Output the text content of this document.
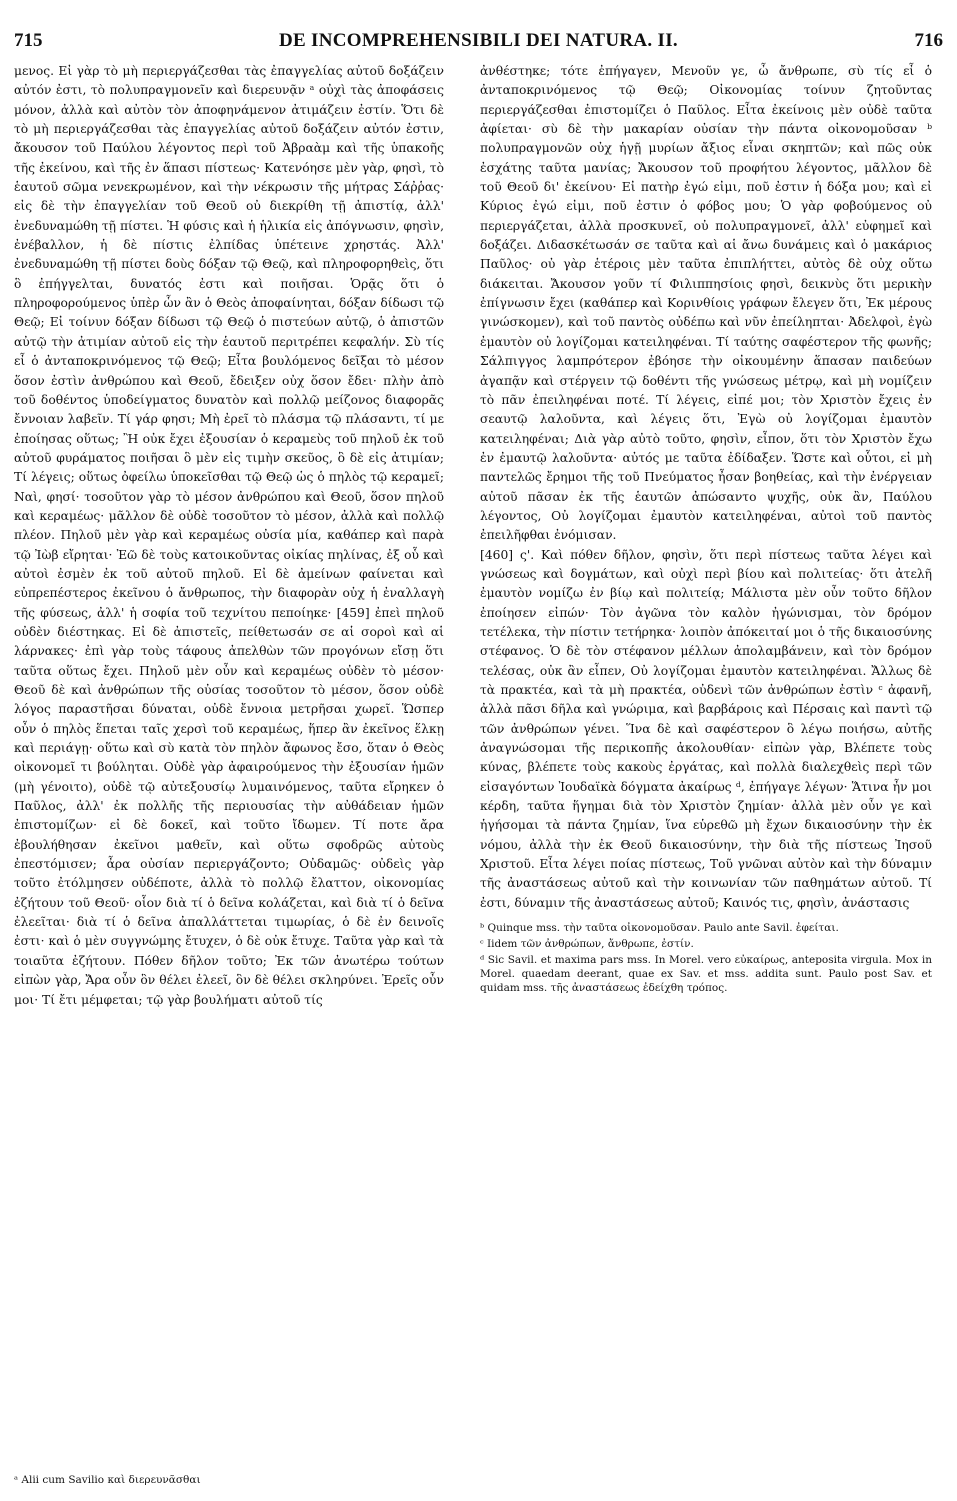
715	DE INCOMPREHENSIBILI DEI NATURA. II.	716

μενος. Εἰ γὰρ τὸ μὴ περιεργάζεσθαι τὰς ἐπαγγελίας αὐτοῦ δοξάζειν αὐτόν ἐστι, τὸ πολυπραγμονεῖν καὶ διερευνᾷν ᵃ οὐχὶ τὰς ἀποφάσεις μόνον, ἀλλὰ καὶ αὐτὸν τὸν ἀποφηνάμενον ἀτιμάζειν ἐστίν. Ὅτι δὲ τὸ μὴ περιεργάζεσθαι τὰς ἐπαγγελίας αὐτοῦ δοξάζειν αὐτόν ἐστιν, ἄκουσον τοῦ Παύλου λέγοντος περὶ τοῦ Ἀβραὰμ καὶ τῆς ὑπακοῆς τῆς ἐκείνου, καὶ τῆς ἐν ἅπασι πίστεως· Κατενόησε μὲν γὰρ, φησὶ, τὸ ἑαυτοῦ σῶμα νενεκρωμένον, καὶ τὴν νέκρωσιν τῆς μήτρας Σάῤῥας· εἰς δὲ τὴν ἐπαγγελίαν τοῦ Θεοῦ οὐ διεκρίθη τῇ ἀπιστίᾳ, ἀλλ' ἐνεδυναμώθη τῇ πίστει. Ἡ φύσις καὶ ἡ ἡλικία εἰς ἀπόγνωσιν, φησὶν, ἐνέβαλλον, ἡ δὲ πίστις ἐλπίδας ὑπέτεινε χρηστάς. Ἀλλ' ἐνεδυναμώθη τῇ πίστει δοὺς δόξαν τῷ Θεῷ, καὶ πληροφορηθεὶς, ὅτι ὃ ἐπήγγελται, δυνατός ἐστι καὶ ποιῆσαι. Ὁρᾷς ὅτι ὁ πληροφορούμενος ὑπὲρ ὧν ἂν ὁ Θεὸς ἀποφαίνηται, δόξαν δίδωσι τῷ Θεῷ; Εἰ τοίνυν δόξαν δίδωσι τῷ Θεῷ ὁ πιστεύων αὐτῷ, ὁ ἀπιστῶν αὐτῷ τὴν ἀτιμίαν αὐτοῦ εἰς τὴν ἑαυτοῦ περιτρέπει κεφαλήν. Σὺ τίς εἶ ὁ ἀνταποκρινόμενος τῷ Θεῷ; Εἶτα βουλόμενος δεῖξαι τὸ μέσον ὅσον ἐστὶν ἀνθρώπου καὶ Θεοῦ, ἔδειξεν οὐχ ὅσον ἔδει· πλὴν ἀπὸ τοῦ δοθέντος ὑποδείγματος δυνατὸν καὶ πολλῷ μείζονος διαφορᾶς ἔννοιαν λαβεῖν. Τί γάρ φησι; Μὴ ἐρεῖ τὸ πλάσμα τῷ πλάσαντι, τί με ἐποίησας οὕτως; Ἢ οὐκ ἔχει ἐξουσίαν ὁ κεραμεὺς τοῦ πηλοῦ ἐκ τοῦ αὐτοῦ φυράματος ποιῆσαι ὃ μὲν εἰς τιμὴν σκεῦος, ὃ δὲ εἰς ἀτιμίαν; Τί λέγεις; οὕτως ὀφείλω ὑποκεῖσθαι τῷ Θεῷ ὡς ὁ πηλὸς τῷ κεραμεῖ; Ναὶ, φησί· τοσοῦτον γὰρ τὸ μέσον ἀνθρώπου καὶ Θεοῦ, ὅσον πηλοῦ καὶ κεραμέως· μᾶλλον δὲ οὐδὲ τοσοῦτον τὸ μέσον, ἀλλὰ καὶ πολλῷ πλέον. Πηλοῦ μὲν γὰρ καὶ κεραμέως οὐσία μία, καθάπερ καὶ παρὰ τῷ Ἰὼβ εἴρηται· Ἐῶ δὲ τοὺς κατοικοῦντας οἰκίας πηλίνας, ἐξ οὗ καὶ αὐτοὶ ἐσμὲν ἐκ τοῦ αὐτοῦ πηλοῦ. Εἰ δὲ ἀμείνων φαίνεται καὶ εὐπρεπέστερος ἐκεῖνου ὁ ἄνθρωπος, τὴν διαφορὰν οὐχ ἡ ἐναλλαγὴ τῆς φύσεως, ἀλλ' ἡ σοφία τοῦ τεχνίτου πεποίηκε· [459] ἐπεὶ πηλοῦ οὐδὲν διέστηκας. Εἰ δὲ ἀπιστεῖς, πείθετωσάν σε αἱ σοροὶ καὶ αἱ λάρνακες· ἐπὶ γὰρ τοὺς τάφους ἀπελθὼν τῶν προγόνων εἴσῃ ὅτι ταῦτα οὕτως ἔχει. Πηλοῦ μὲν οὖν καὶ κεραμέως οὐδὲν τὸ μέσον· Θεοῦ δὲ καὶ ἀνθρώπων τῆς οὐσίας τοσοῦτον τὸ μέσον, ὅσον οὐδὲ λόγος παραστῆσαι δύναται, οὐδὲ ἔννοια μετρῆσαι χωρεῖ. Ὥσπερ οὖν ὁ πηλὸς ἕπεται ταῖς χερσὶ τοῦ κεραμέως, ἥπερ ἂν ἐκεῖνος ἕλκῃ καὶ περιάγῃ· οὕτω καὶ σὺ κατὰ τὸν πηλὸν ἄφωνος ἔσο, ὅταν ὁ Θεὸς οἰκονομεῖ τι βούληται. Οὐδὲ γὰρ ἀφαιρούμενος τὴν ἐξουσίαν ἡμῶν (μὴ γένοιτο), οὐδὲ τῷ αὐτεξουσίῳ λυμαινόμενος, ταῦτα εἴρηκεν ὁ Παῦλος, ἀλλ' ἐκ πολλῆς τῆς περιουσίας τὴν αὐθάδειαν ἡμῶν ἐπιστομίζων· εἰ δὲ δοκεῖ, καὶ τοῦτο ἴδωμεν. Τί ποτε ἄρα ἐβουλήθησαν ἐκεῖνοι μαθεῖν, καὶ οὕτω σφοδρῶς αὐτοὺς ἐπεστόμισεν; ἆρα οὐσίαν περιεργάζοντο; Οὐδαμῶς· οὐδεὶς γὰρ τοῦτο ἐτόλμησεν οὐδέποτε, ἀλλὰ τὸ πολλῷ ἔλαττον, οἰκονομίας ἐζήτουν τοῦ Θεοῦ· οἷον διὰ τί ὁ δεῖνα κολάζεται, καὶ διὰ τί ὁ δεῖνα ἐλεεῖται· διὰ τί ὁ δεῖνα ἀπαλλάττεται τιμωρίας, ὁ δὲ ἐν δεινοῖς ἐστι· καὶ ὁ μὲν συγγνώμης ἔτυχεν, ὁ δὲ οὐκ ἔτυχε. Ταῦτα γὰρ καὶ τὰ τοιαῦτα ἐζήτουν. Πόθεν δῆλον τοῦτο; Ἐκ τῶν ἀνωτέρω τούτων εἰπὼν γὰρ, Ἄρα οὖν ὃν θέλει ἐλεεῖ, ὃν δὲ θέλει σκληρύνει. Ἐρεῖς οὖν μοι· Τί ἔτι μέμφεται; τῷ γὰρ βουλήματι αὐτοῦ τίς

ᵃ Alii cum Savilio καὶ διερευνᾶσθαι

ἀνθέστηκε; τότε ἐπήγαγεν, Μενοῦν γε, ὦ ἄνθρωπε, σὺ τίς εἶ ὁ ἀνταποκρινόμενος τῷ Θεῷ; Οἰκονομίας τοίνυν ζητοῦντας περιεργάζεσθαι ἐπιστομίζει ὁ Παῦλος. Εἶτα ἐκείνοις μὲν οὐδὲ ταῦτα ἀφίεται· σὺ δὲ τὴν μακαρίαν οὐσίαν τὴν πάντα οἰκονομοῦσαν ᵇ πολυπραγμονῶν οὐχ ἡγῇ μυρίων ἄξιος εἶναι σκηπτῶν; καὶ πῶς οὐκ ἐσχάτης ταῦτα μανίας; Ἄκουσον τοῦ προφήτου λέγοντος, μᾶλλον δὲ τοῦ Θεοῦ δι' ἐκείνου· Εἰ πατὴρ ἐγώ εἰμι, ποῦ ἐστιν ἡ δόξα μου; καὶ εἰ Κύριος ἐγώ εἰμι, ποῦ ἐστιν ὁ φόβος μου; Ὁ γὰρ φοβούμενος οὐ περιεργάζεται, ἀλλὰ προσκυνεῖ, οὐ πολυπραγμονεῖ, ἀλλ' εὐφημεῖ καὶ δοξάζει. Διδασκέτωσάν σε ταῦτα καὶ αἱ ἄνω δυνάμεις καὶ ὁ μακάριος Παῦλος· οὐ γὰρ ἑτέροις μὲν ταῦτα ἐπιπλήττει, αὐτὸς δὲ οὐχ οὕτω διάκειται. Ἄκουσον γοῦν τί Φιλιππησίοις φησὶ, δεικνὺς ὅτι μερικὴν ἐπίγνωσιν ἔχει (καθάπερ καὶ Κορινθίοις γράφων ἔλεγεν ὅτι, Ἐκ μέρους γινώσκομεν), καὶ τοῦ παντὸς οὐδέπω καὶ νῦν ἐπείληπται· Ἀδελφοὶ, ἐγὼ ἐμαυτὸν οὐ λογίζομαι κατειληφέναι. Τί ταύτης σαφέστερον τῆς φωνῆς; Σάλπιγγος λαμπρότερον ἐβόησε τὴν οἰκουμένην ἅπασαν παιδεύων ἀγαπᾷν καὶ στέργειν τῷ δοθέντι τῆς γνώσεως μέτρῳ, καὶ μὴ νομίζειν τὸ πᾶν ἐπειληφέναι ποτέ. Τί λέγεις, εἰπέ μοι; τὸν Χριστὸν ἔχεις ἐν σεαυτῷ λαλοῦντα, καὶ λέγεις ὅτι, Ἐγὼ οὐ λογίζομαι ἐμαυτὸν κατειληφέναι; Διὰ γὰρ αὐτὸ τοῦτο, φησὶν, εἶπον, ὅτι τὸν Χριστὸν ἔχω ἐν ἐμαυτῷ λαλοῦντα· αὐτός με ταῦτα ἐδίδαξεν. Ὥστε καὶ οὗτοι, εἰ μὴ παντελῶς ἔρημοι τῆς τοῦ Πνεύματος ἦσαν βοηθείας, καὶ τὴν ἐνέργειαν αὐτοῦ πᾶσαν ἐκ τῆς ἑαυτῶν ἀπώσαντο ψυχῆς, οὐκ ἂν, Παύλου λέγοντος, Οὐ λογίζομαι ἐμαυτὸν κατειληφέναι, αὐτοὶ τοῦ παντὸς ἐπειλῆφθαι ἐνόμισαν.

[460] ς'. Καὶ πόθεν δῆλον, φησὶν, ὅτι περὶ πίστεως ταῦτα λέγει καὶ γνώσεως καὶ δογμάτων, καὶ οὐχὶ περὶ βίου καὶ πολιτείας· ὅτι ἀτελῆ ἐμαυτὸν νομίζω ἐν βίῳ καὶ πολιτείᾳ; Μάλιστα μὲν οὖν τοῦτο δῆλον ἐποίησεν εἰπών· Τὸν ἀγῶνα τὸν καλὸν ἠγώνισμαι, τὸν δρόμον τετέλεκα, τὴν πίστιν τετήρηκα· λοιπὸν ἀπόκειταί μοι ὁ τῆς δικαιοσύνης στέφανος. Ὁ δὲ τὸν στέφανον μέλλων ἀπολαμβάνειν, καὶ τὸν δρόμον τελέσας, οὐκ ἂν εἶπεν, Οὐ λογίζομαι ἐμαυτὸν κατειληφέναι. Ἄλλως δὲ τὰ πρακτέα, καὶ τὰ μὴ πρακτέα, οὐδενὶ τῶν ἀνθρώπων ἐστὶν ᶜ ἀφανῆ, ἀλλὰ πᾶσι δῆλα καὶ γνώριμα, καὶ βαρβάροις καὶ Πέρσαις καὶ παντὶ τῷ τῶν ἀνθρώπων γένει. Ἵνα δὲ καὶ σαφέστερον ὃ λέγω ποιήσω, αὐτῆς ἀναγνώσομαι τῆς περικοπῆς ἀκολουθίαν· εἰπὼν γὰρ, Βλέπετε τοὺς κύνας, βλέπετε τοὺς κακοὺς ἐργάτας, καὶ πολλὰ διαλεχθεὶς περὶ τῶν εἰσαγόντων Ἰουδαϊκὰ δόγματα ἀκαίρως ᵈ, ἐπήγαγε λέγων· Ἅτινα ἦν μοι κέρδη, ταῦτα ἥγημαι διὰ τὸν Χριστὸν ζημίαν· ἀλλὰ μὲν οὖν γε καὶ ἡγήσομαι τὰ πάντα ζημίαν, ἵνα εὑρεθῶ μὴ ἔχων δικαιοσύνην τὴν ἐκ νόμου, ἀλλὰ τὴν ἐκ Θεοῦ δικαιοσύνην, τὴν διὰ τῆς πίστεως Ἰησοῦ Χριστοῦ. Εἶτα λέγει ποίας πίστεως, Τοῦ γνῶναι αὐτὸν καὶ τὴν δύναμιν τῆς ἀναστάσεως αὐτοῦ καὶ τὴν κοινωνίαν τῶν παθημάτων αὐτοῦ. Τί ἐστι, δύναμιν τῆς ἀναστάσεως αὐτοῦ; Καινός τις, φησὶν, ἀνάστασις

ᵇ Quinque mss. τὴν ταῦτα οἰκονομοῦσαν. Paulo ante Savil. ἐφείται.

ᶜ Iidem τῶν ἀνθρώπων, ἄνθρωπε, ἐστίν.

ᵈ Sic Savil. et maxima pars mss. In Morel. vero εὐκαίρως, anteposita virgula. Mox in Morel. quaedam deerant, quae ex Sav. et mss. addita sunt. Paulo post Sav. et quidam mss. τῆς ἀναστάσεως ἐδείχθη τρόπος.
